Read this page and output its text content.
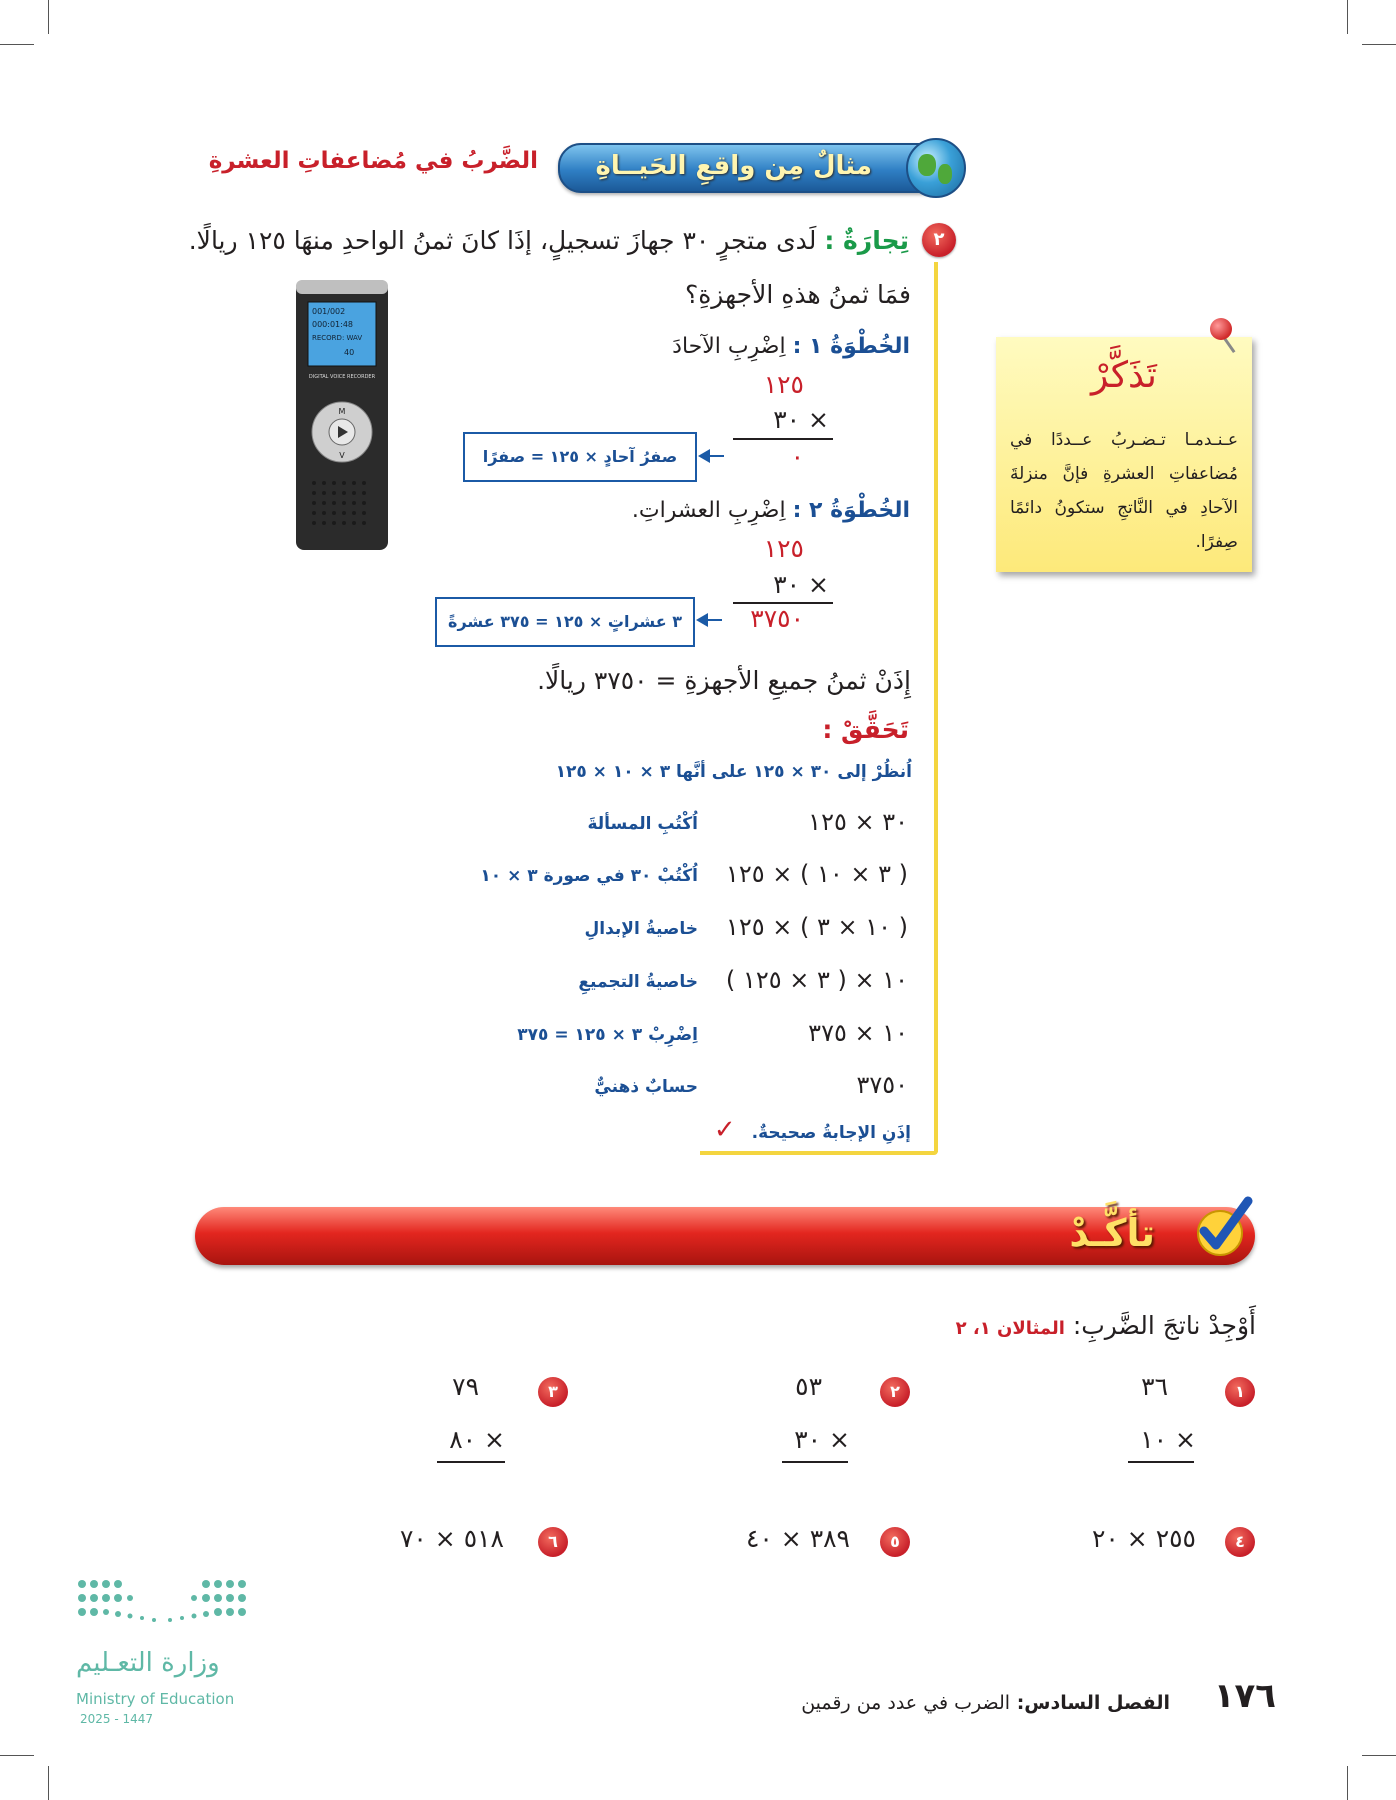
مثالٌ مِن واقعِ الحَيــاةِ
الضَّربُ في مُضاعفاتِ العشرةِ
٢
تِجارَةٌ : لَدى متجرٍ ٣٠ جهازَ تسجيلٍ، إذَا كانَ ثمنُ الواحدِ منهَا ١٢٥ ريالًا.
فمَا ثمنُ هذهِ الأجهزةِ؟
001/002
000:01:48
RECORD: WAV
40
DIGITAL VOICE RECORDER
M
V
الخُطْوَةُ ١ : اِضْرِبِ الآحادَ
١٢٥
× ٣٠
٠
صفرُ آحادٍ × ١٢٥ = صفرًا
الخُطْوَةُ ٢ : اِضْرِبِ العشراتِ.
١٢٥
× ٣٠
٣٧٥٠
٣ عشراتٍ × ١٢٥ = ٣٧٥ عشرةً
إِذَنْ ثمنُ جميعِ الأجهزةِ = ٣٧٥٠ ريالًا.
تَحَقَّقْ :
اُنظُرْ إلى ٣٠ × ١٢٥ على أنَّها ٣ × ١٠ × ١٢٥
٣٠ × ١٢٥
اُكْتُبِ المسألةَ
( ٣ × ١٠ ) × ١٢٥
اُكْتُبْ ٣٠ في صورة ٣ × ١٠
( ١٠ × ٣ ) × ١٢٥
خاصيةُ الإبدالِ
١٠ × ( ٣ × ١٢٥ )
خاصيةُ التجميعِ
١٠ × ٣٧٥
اِضْرِبْ ٣ × ١٢٥ = ٣٧٥
٣٧٥٠
حسابٌ ذهنيٌّ
إذَنِ الإجابةُ صحيحةٌ. ✓
تَذَكَّرْ
عـنـدمـا تـضـربُ عــددًا في مُضاعفاتِ العشرةِ فإنَّ منزلةَ الآحادِ في النَّاتجِ ستكونُ دائمًا صِفرًا.
تأكَّـدْ
أَوْجِدْ ناتجَ الضَّربِ: المثالان ١، ٢
١
٣٦
× ١٠
٢
٥٣
× ٣٠
٣
٧٩
× ٨٠
٤
٢٥٥ × ٢٠
٥
٣٨٩ × ٤٠
٦
٥١٨ × ٧٠
وزارة التعـليم
Ministry of Education
2025 - 1447
١٧٦
الفصل السادس: الضرب في عدد من رقمين
